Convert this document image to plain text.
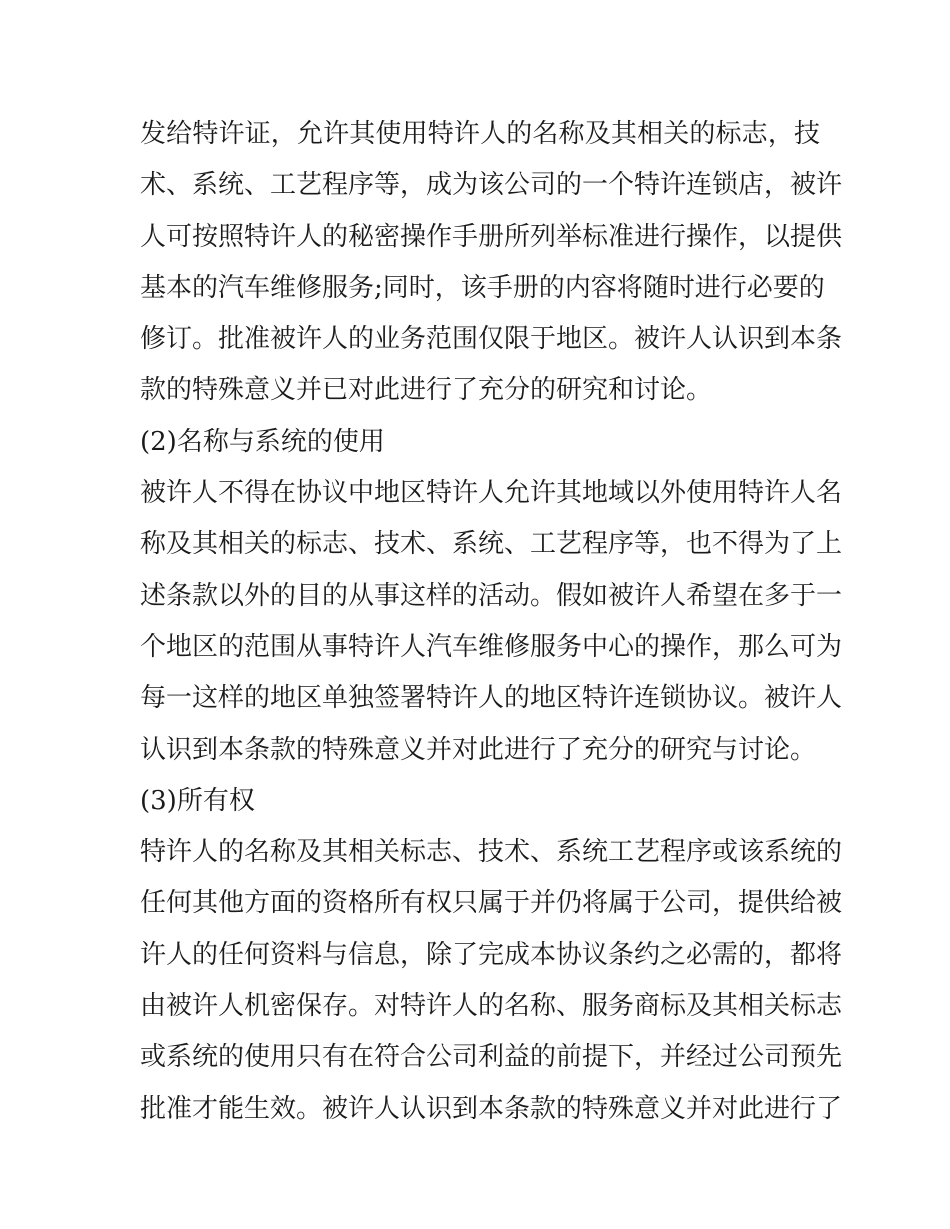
发给特许证，允许其使用特许人的名称及其相关的标志，技
术、系统、工艺程序等，成为该公司的一个特许连锁店，被许
人可按照特许人的秘密操作手册所列举标准进行操作，以提供
基本的汽车维修服务;同时，该手册的内容将随时进行必要的
修订。批准被许人的业务范围仅限于地区。被许人认识到本条
款的特殊意义并已对此进行了充分的研究和讨论。
(2)名称与系统的使用
被许人不得在协议中地区特许人允许其地域以外使用特许人名
称及其相关的标志、技术、系统、工艺程序等，也不得为了上
述条款以外的目的从事这样的活动。假如被许人希望在多于一
个地区的范围从事特许人汽车维修服务中心的操作，那么可为
每一这样的地区单独签署特许人的地区特许连锁协议。被许人
认识到本条款的特殊意义并对此进行了充分的研究与讨论。
(3)所有权
特许人的名称及其相关标志、技术、系统工艺程序或该系统的
任何其他方面的资格所有权只属于并仍将属于公司，提供给被
许人的任何资料与信息，除了完成本协议条约之必需的，都将
由被许人机密保存。对特许人的名称、服务商标及其相关标志
或系统的使用只有在符合公司利益的前提下，并经过公司预先
批准才能生效。被许人认识到本条款的特殊意义并对此进行了
